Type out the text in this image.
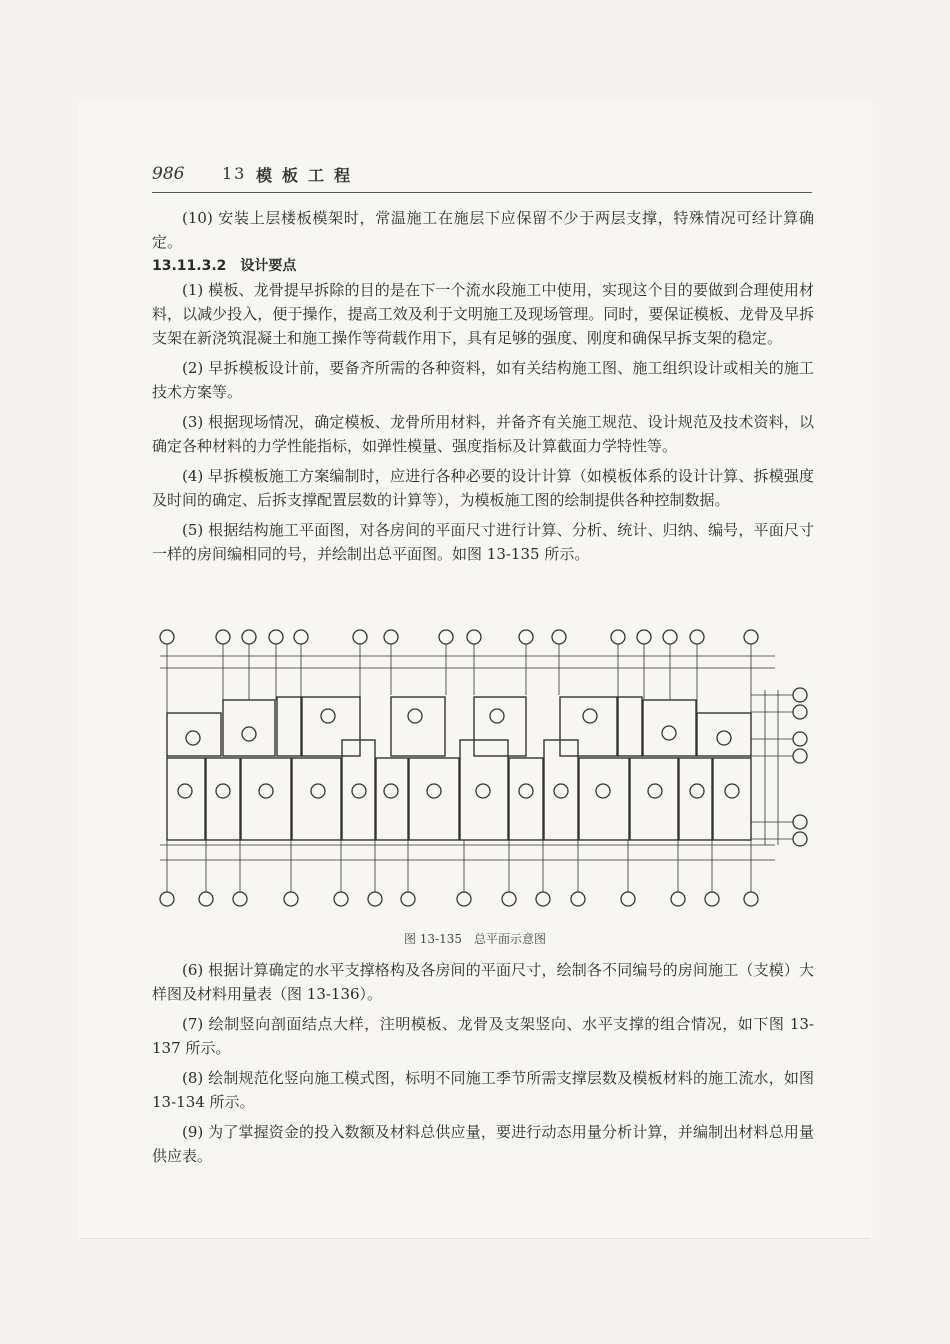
986 13 模板工程

(10) 安装上层楼板模架时，常温施工在施层下应保留不少于两层支撑，特殊情况可经计算确定。

13.11.3.2　设计要点

(1) 模板、龙骨提早拆除的目的是在下一个流水段施工中使用，实现这个目的要做到合理使用材料，以减少投入，便于操作，提高工效及利于文明施工及现场管理。同时，要保证模板、龙骨及早拆支架在新浇筑混凝土和施工操作等荷载作用下，具有足够的强度、刚度和确保早拆支架的稳定。

(2) 早拆模板设计前，要备齐所需的各种资料，如有关结构施工图、施工组织设计或相关的施工技术方案等。

(3) 根据现场情况，确定模板、龙骨所用材料，并备齐有关施工规范、设计规范及技术资料，以确定各种材料的力学性能指标，如弹性模量、强度指标及计算截面力学特性等。

(4) 早拆模板施工方案编制时，应进行各种必要的设计计算（如模板体系的设计计算、拆模强度及时间的确定、后拆支撑配置层数的计算等），为模板施工图的绘制提供各种控制数据。

(5) 根据结构施工平面图，对各房间的平面尺寸进行计算、分析、统计、归纳、编号，平面尺寸一样的房间编相同的号，并绘制出总平面图。如图 13-135 所示。

图 13-135　总平面示意图

(6) 根据计算确定的水平支撑格构及各房间的平面尺寸，绘制各不同编号的房间施工（支模）大样图及材料用量表（图 13-136）。

(7) 绘制竖向剖面结点大样，注明模板、龙骨及支架竖向、水平支撑的组合情况，如下图 13-137 所示。

(8) 绘制规范化竖向施工模式图，标明不同施工季节所需支撑层数及模板材料的施工流水，如图 13-134 所示。

(9) 为了掌握资金的投入数额及材料总供应量，要进行动态用量分析计算，并编制出材料总用量供应表。
